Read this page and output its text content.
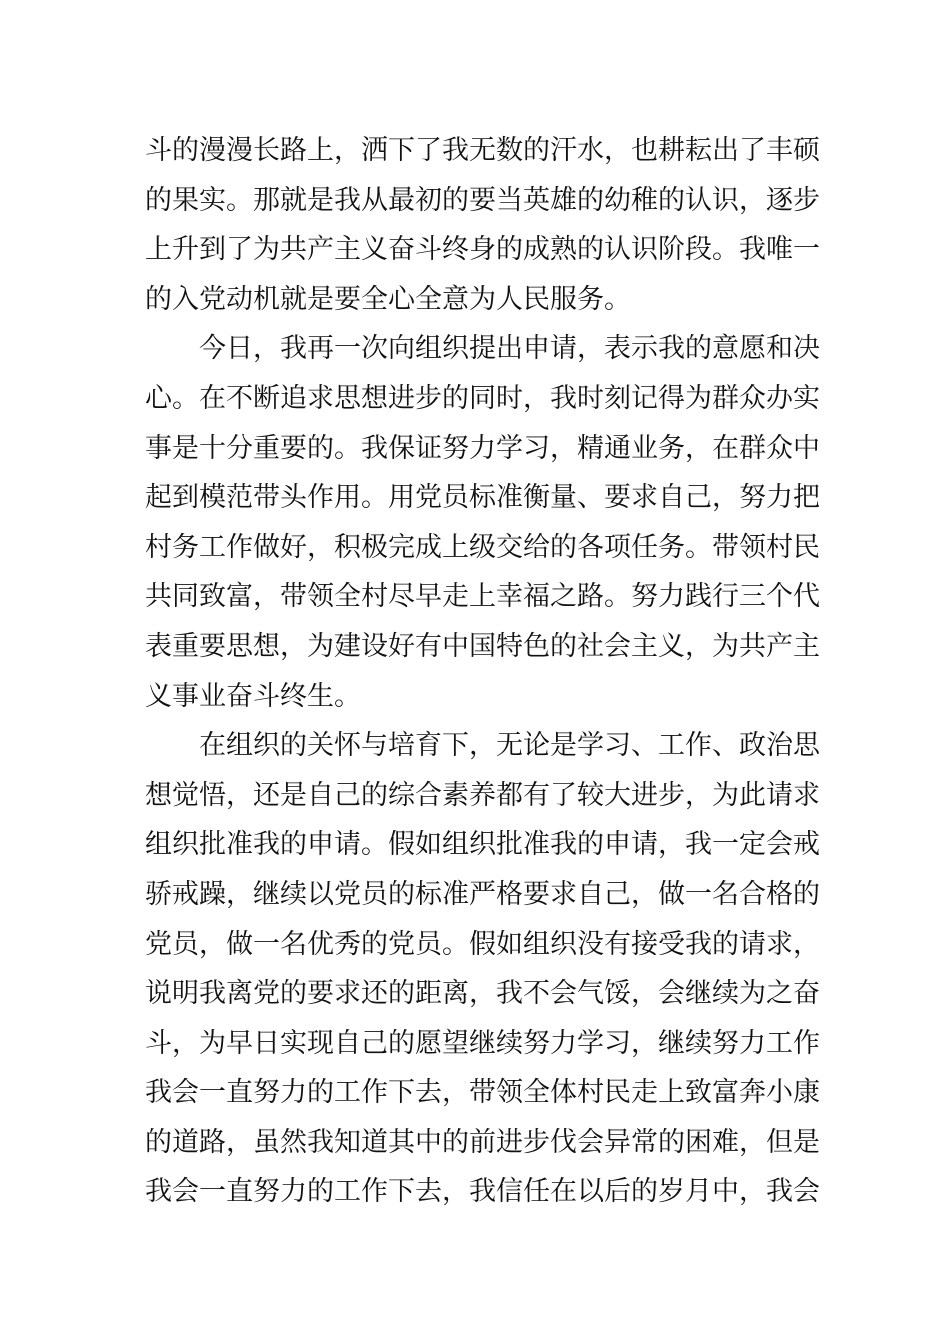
斗的漫漫长路上，洒下了我无数的汗水，也耕耘出了丰硕
的果实。那就是我从最初的要当英雄的幼稚的认识，逐步
上升到了为共产主义奋斗终身的成熟的认识阶段。我唯一
的入党动机就是要全心全意为人民服务。
　　今日，我再一次向组织提出申请，表示我的意愿和决
心。在不断追求思想进步的同时，我时刻记得为群众办实
事是十分重要的。我保证努力学习，精通业务，在群众中
起到模范带头作用。用党员标准衡量、要求自己，努力把
村务工作做好，积极完成上级交给的各项任务。带领村民
共同致富，带领全村尽早走上幸福之路。努力践行三个代
表重要思想，为建设好有中国特色的社会主义，为共产主
义事业奋斗终生。
　　在组织的关怀与培育下，无论是学习、工作、政治思
想觉悟，还是自己的综合素养都有了较大进步，为此请求
组织批准我的申请。假如组织批准我的申请，我一定会戒
骄戒躁，继续以党员的标准严格要求自己，做一名合格的
党员，做一名优秀的党员。假如组织没有接受我的请求，
说明我离党的要求还的距离，我不会气馁，会继续为之奋
斗，为早日实现自己的愿望继续努力学习，继续努力工作
我会一直努力的工作下去，带领全体村民走上致富奔小康
的道路，虽然我知道其中的前进步伐会异常的困难，但是
我会一直努力的工作下去，我信任在以后的岁月中，我会
